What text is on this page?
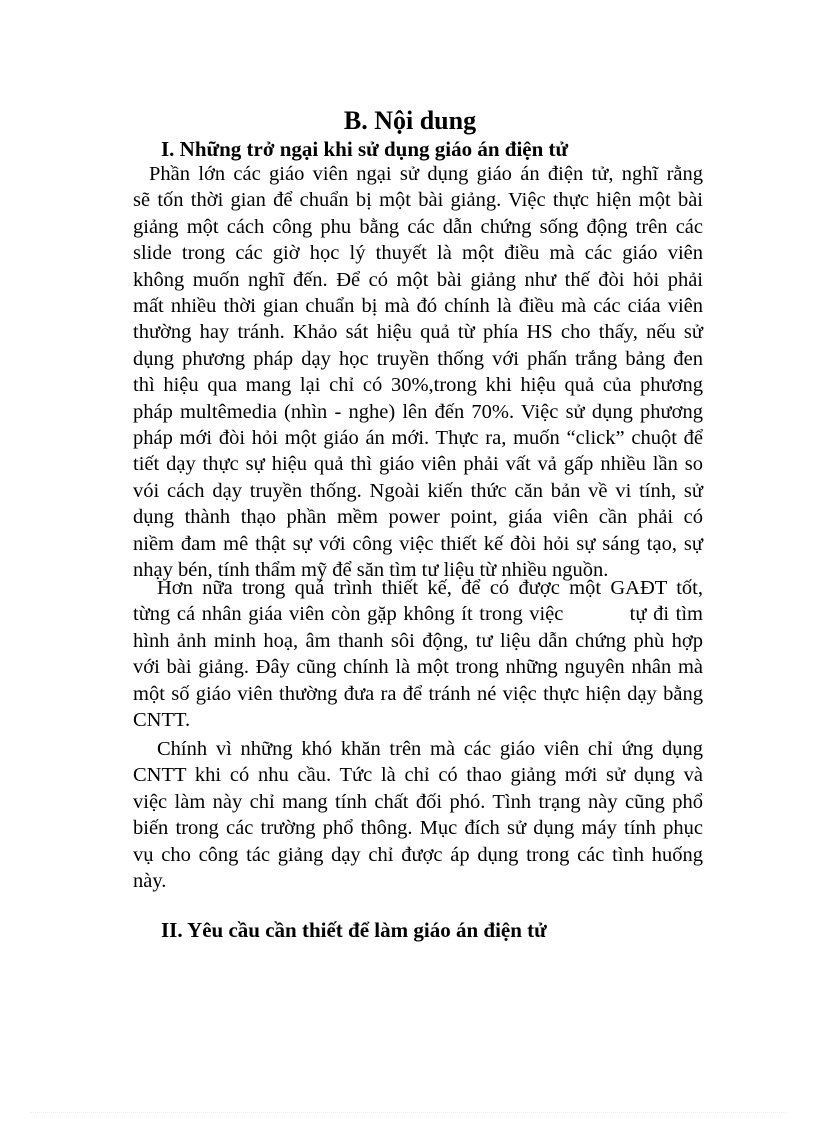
B. Nội dung
I. Những trở ngại khi sử dụng giáo án điện tử
Phần lớn các giáo viên ngại sử dụng giáo án điện tử, nghĩ rằng
sẽ tốn thời gian để chuẩn bị một bài giảng. Việc thực hiện một bài
giảng một cách công phu bằng các dẫn chứng sống động trên các
slide trong các giờ học lý thuyết là một điều mà các giáo viên
không muốn nghĩ đến. Để có một bài giảng như thế đòi hỏi phải
mất nhiều thời gian chuẩn bị mà đó chính là điều mà các ciáa viên
thường hay tránh. Khảo sát hiệu quả từ phía HS cho thấy, nếu sử
dụng phương pháp dạy học truyền thống với phấn trắng bảng đen
thì hiệu qua mang lại chỉ có 30%,trong khi hiệu quả của phương
pháp multêmedia (nhìn - nghe) lên đến 70%. Việc sử dụng phương
pháp mới đòi hỏi một giáo án mới. Thực ra, muốn “click” chuột để
tiết dạy thực sự hiệu quả thì giáo viên phải vất vả gấp nhiều lần so
vói cách dạy truyền thống. Ngoài kiến thức căn bản về vi tính, sử
dụng thành thạo phần mềm power point, giáa viên cần phải có
niềm đam mê thật sự với công việc thiết kế đòi hỏi sự sáng tạo, sự
nhạy bén, tính thẩm mỹ để săn tìm tư liệu từ nhiều nguồn.
Hơn nữa trong quá trình thiết kế, để có được một GAĐT tốt,
từng cá nhân giáa viên còn gặp không ít trong việc          tự đi tìm
hình ảnh minh hoạ, âm thanh sôi động, tư liệu dẫn chứng phù hợp
với bài giảng. Đây cũng chính là một trong những nguyên nhân mà
một số giáo viên thường đưa ra để tránh né việc thực hiện dạy bằng
CNTT.
Chính vì những khó khăn trên mà các giáo viên chỉ ứng dụng
CNTT khi có nhu cầu. Tức là chỉ có thao giảng mới sử dụng và
việc làm này chỉ mang tính chất đối phó. Tình trạng này cũng phổ
biến trong các trường phổ thông. Mục đích sử dụng máy tính phục
vụ cho công tác giảng dạy chỉ được áp dụng trong các tình huống
này.
II. Yêu cầu cần thiết để làm giáo án điện tử
